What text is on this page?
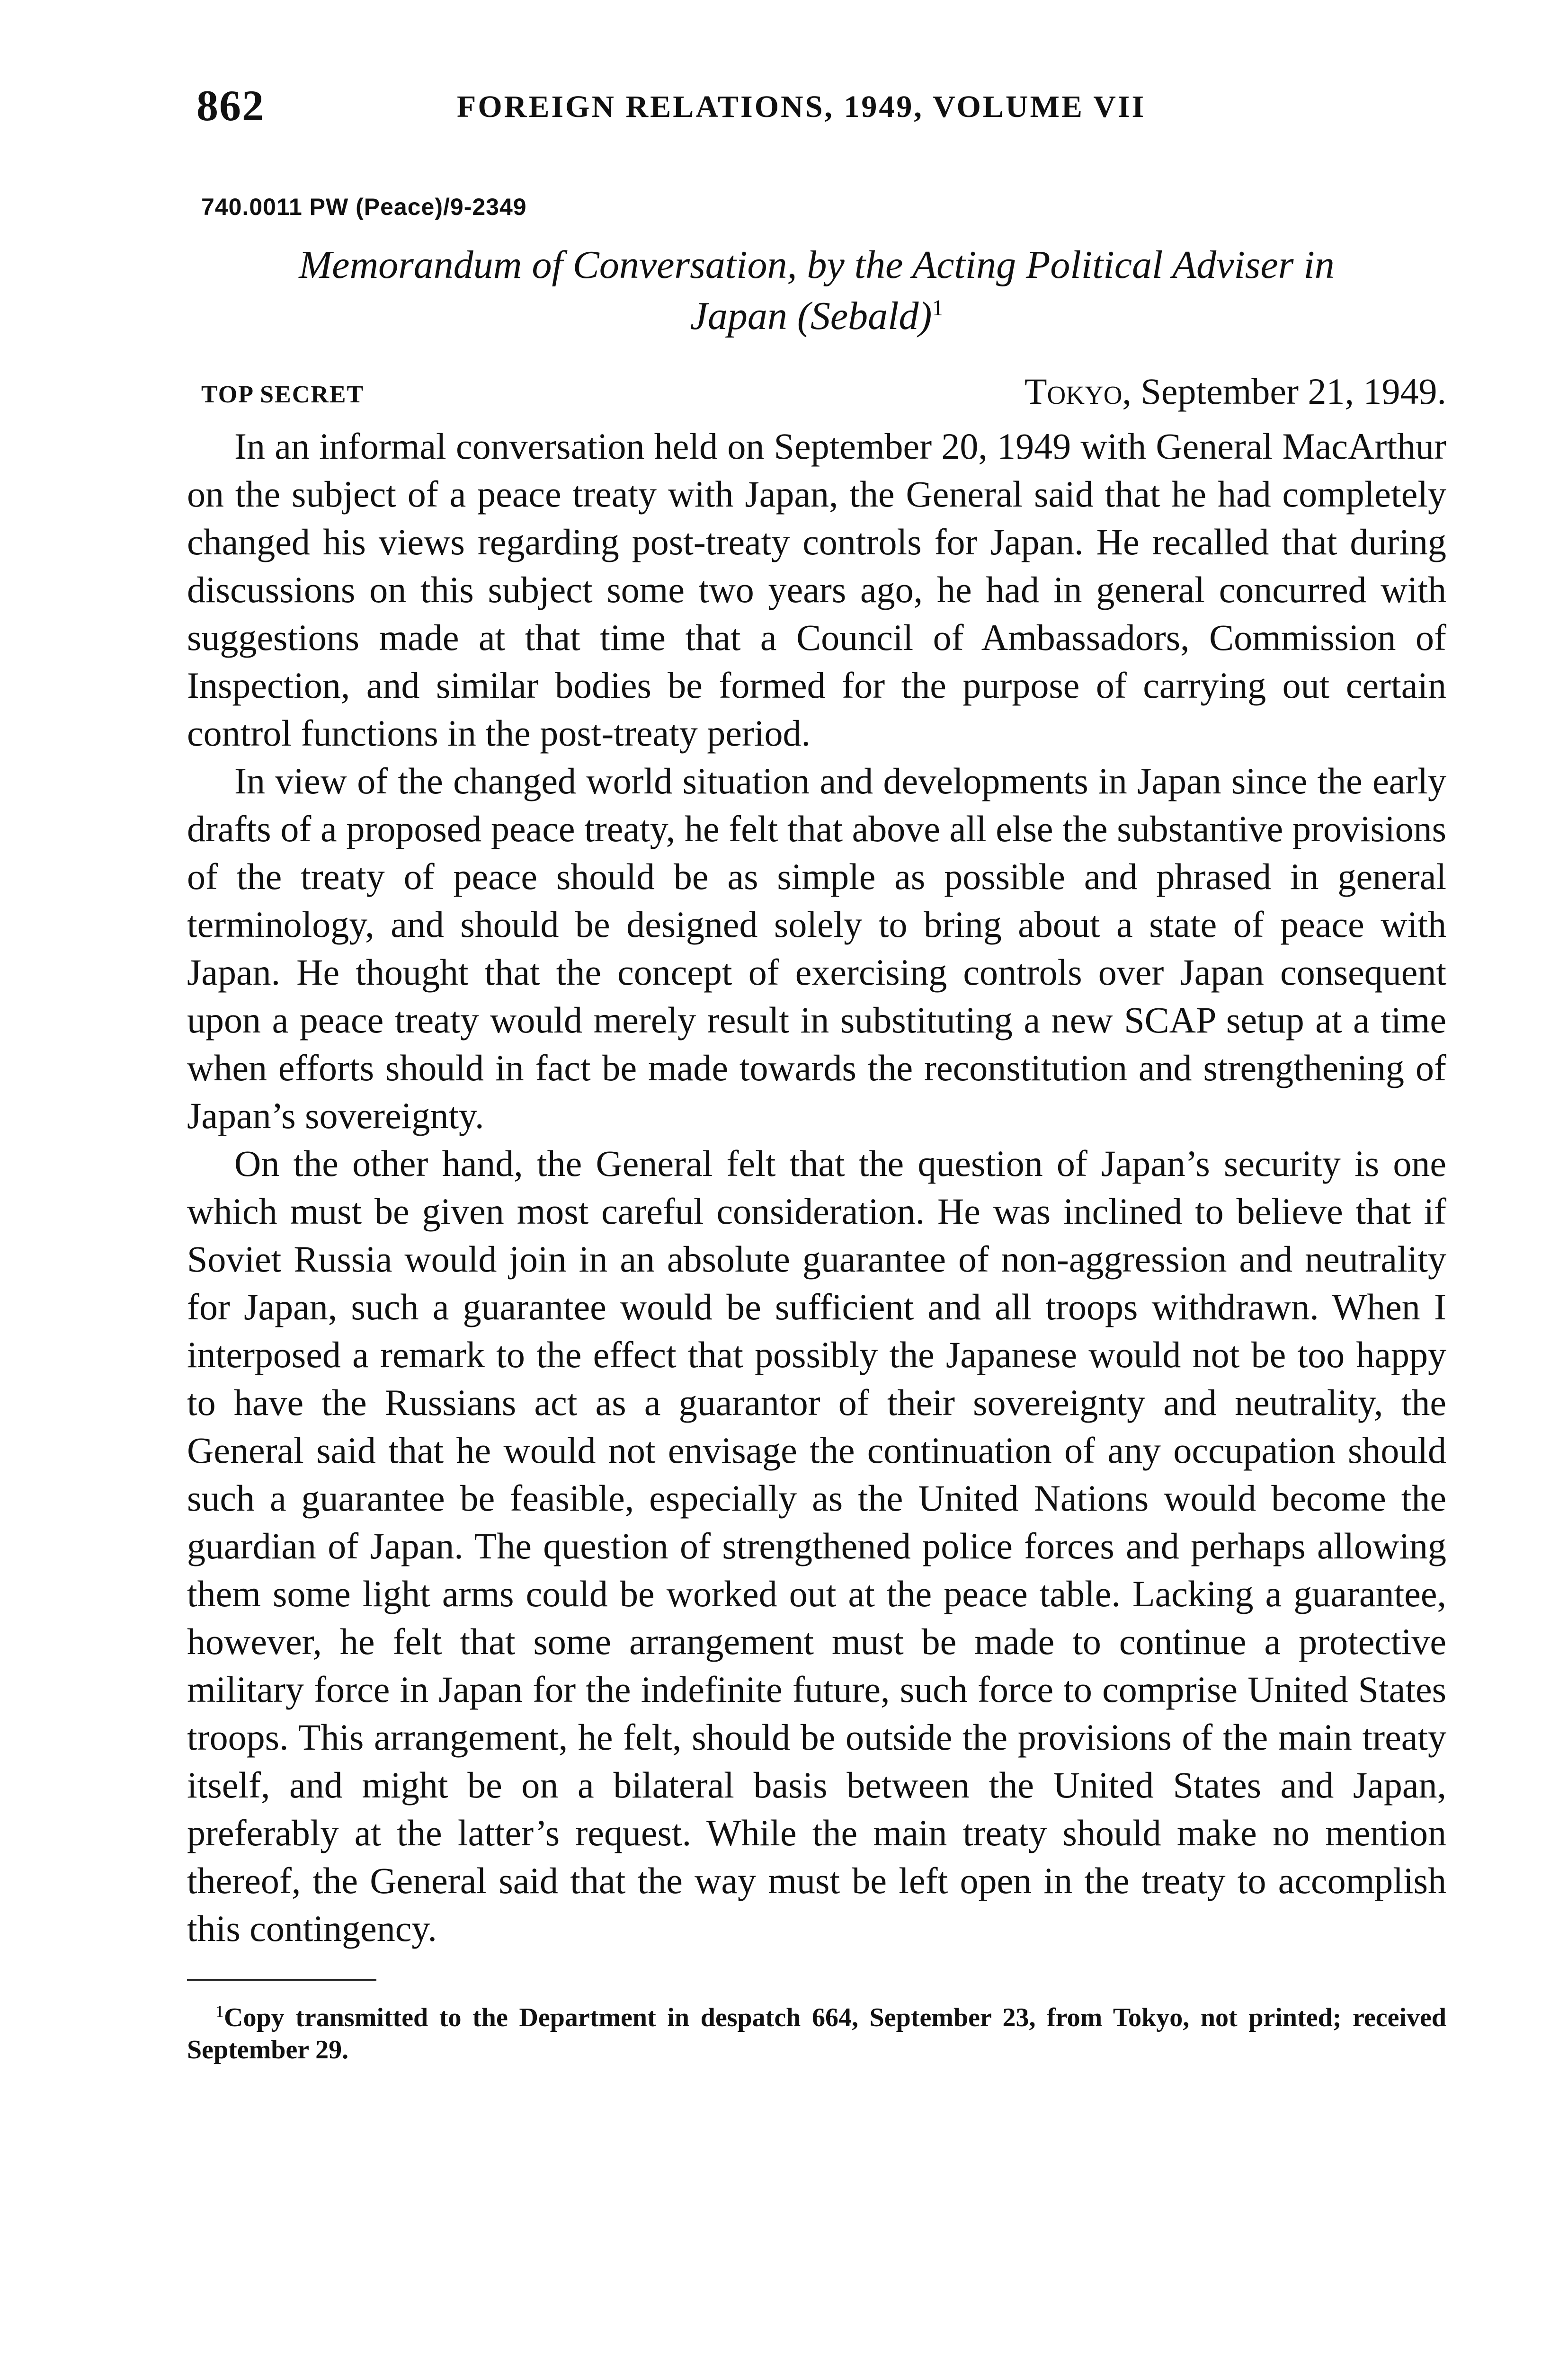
862	FOREIGN RELATIONS, 1949, VOLUME VII
740.0011 PW (Peace)/9-2349
Memorandum of Conversation, by the Acting Political Adviser in
Japan (Sebald)$^1$
TOP SECRET	Tokyo, September 21, 1949.

In an informal conversation held on September 20, 1949 with General MacArthur on the subject of a peace treaty with Japan, the General said that he had completely changed his views regarding post-treaty controls for Japan. He recalled that during discussions on this subject some two years ago, he had in general concurred with suggestions made at that time that a Council of Ambassadors, Commission of Inspection, and similar bodies be formed for the purpose of carrying out certain control functions in the post-treaty period.

In view of the changed world situation and developments in Japan since the early drafts of a proposed peace treaty, he felt that above all else the substantive provisions of the treaty of peace should be as simple as possible and phrased in general terminology, and should be designed solely to bring about a state of peace with Japan. He thought that the concept of exercising controls over Japan consequent upon a peace treaty would merely result in substituting a new SCAP setup at a time when efforts should in fact be made towards the reconstitution and strengthening of Japan’s sovereignty.

On the other hand, the General felt that the question of Japan’s security is one which must be given most careful consideration. He was inclined to believe that if Soviet Russia would join in an absolute guarantee of non-aggression and neutrality for Japan, such a guarantee would be sufficient and all troops withdrawn. When I interposed a remark to the effect that possibly the Japanese would not be too happy to have the Russians act as a guarantor of their sovereignty and neutrality, the General said that he would not envisage the continuation of any occupation should such a guarantee be feasible, especially as the United Nations would become the guardian of Japan. The question of strengthened police forces and perhaps allowing them some light arms could be worked out at the peace table. Lacking a guarantee, however, he felt that some arrangement must be made to continue a protective military force in Japan for the indefinite future, such force to comprise United States troops. This arrangement, he felt, should be outside the provisions of the main treaty itself, and might be on a bilateral basis between the United States and Japan, preferably at the latter’s request. While the main treaty should make no mention thereof, the General said that the way must be left open in the treaty to accomplish this contingency.

$^1$Copy transmitted to the Department in despatch 664, September 23, from Tokyo, not printed; received September 29.
